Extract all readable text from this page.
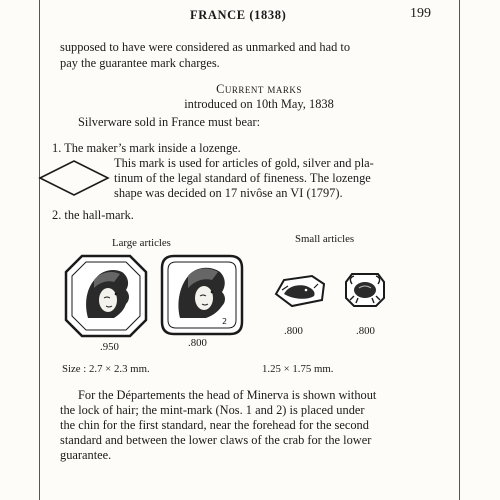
FRANCE (1838)	199
supposed to have were considered as unmarked and had to
pay the guarantee mark charges.
Current marks
introduced on 10th May, 1838
Silverware sold in France must bear:
1. The maker’s mark inside a lozenge.
This mark is used for articles of gold, silver and pla-
tinum of the legal standard of fineness. The lozenge
shape was decided on 17 nivôse an VI (1797).
2. the hall-mark.
Large articles	Small articles
2
.950	.800
.800	.800
Size : 2.7 × 2.3 mm.	1.25 × 1.75 mm.
For the Départements the head of Minerva is shown without
the lock of hair; the mint-mark (Nos. 1 and 2) is placed under
the chin for the first standard, near the forehead for the second
standard and between the lower claws of the crab for the lower
guarantee.
